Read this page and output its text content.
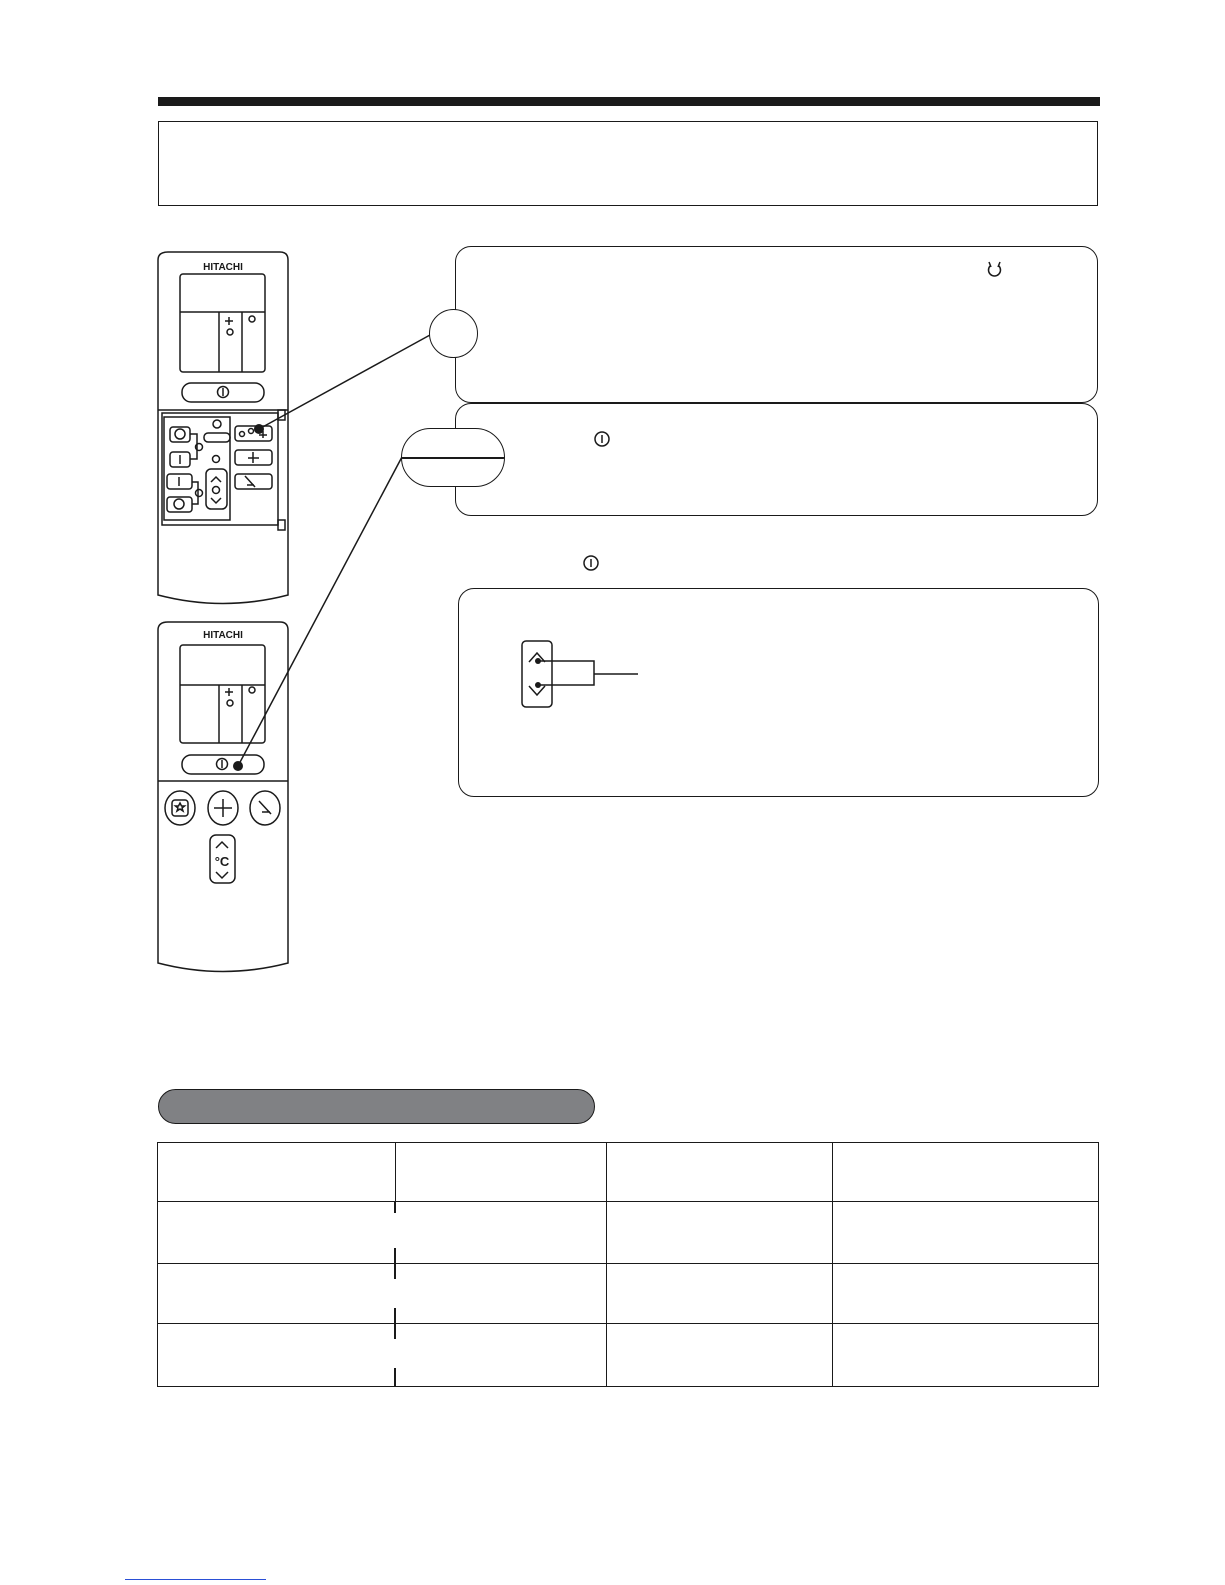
HITACHI
HITACHI
°C
